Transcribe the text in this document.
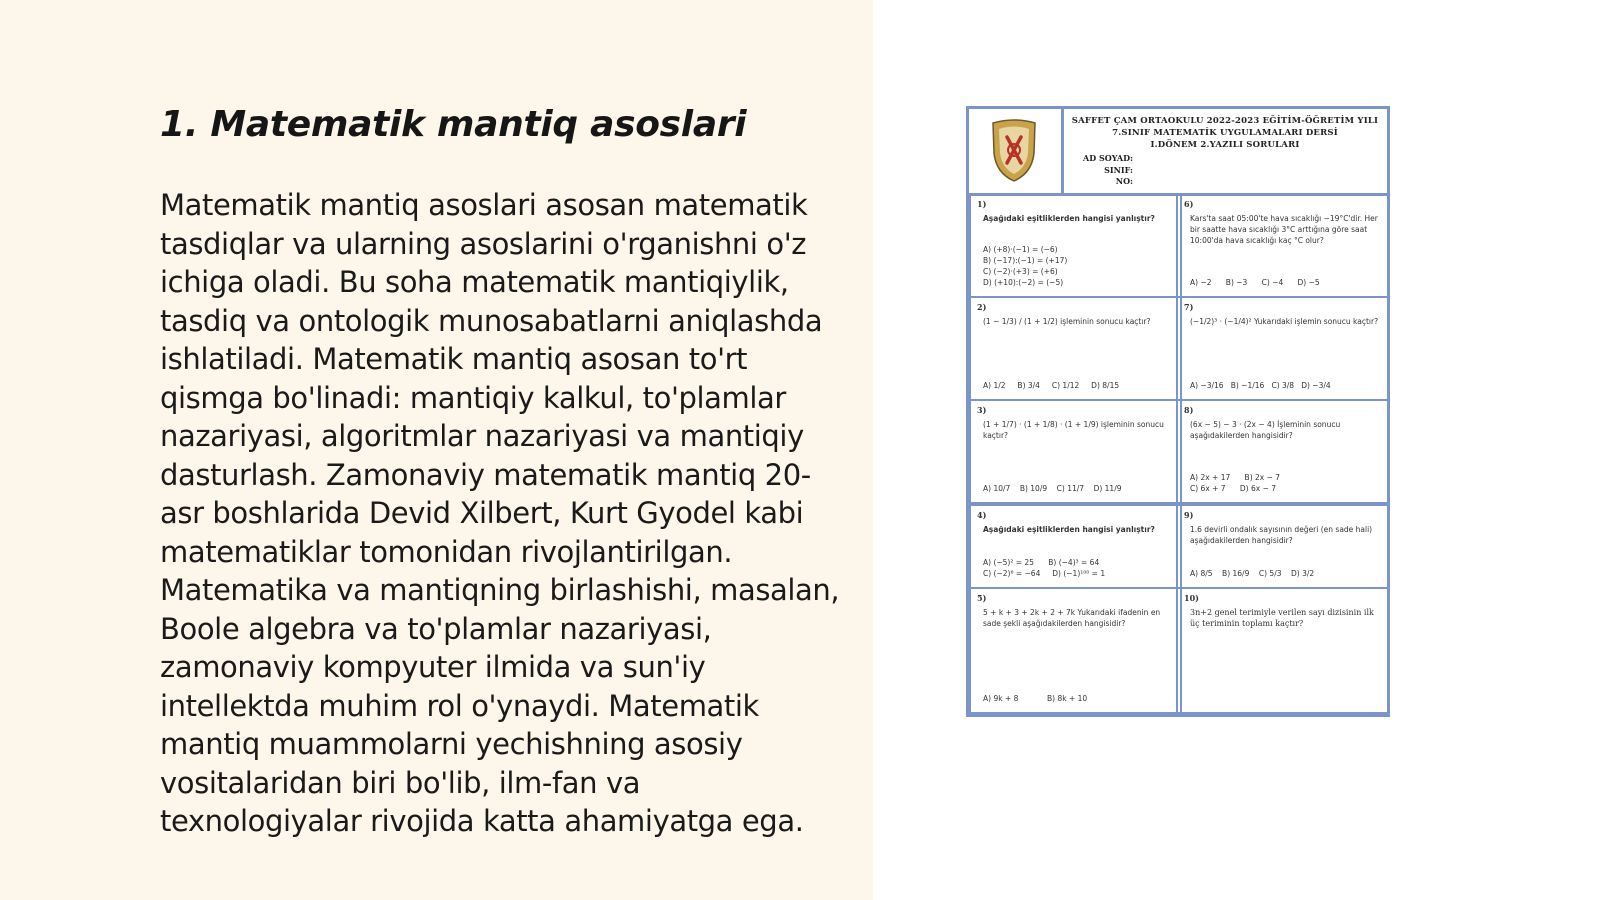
1. Matematik mantiq asoslari

Matematik mantiq asoslari asosan matematik tasdiqlar va ularning asoslarini o'rganishni o'z ichiga oladi. Bu soha matematik mantiqiylik, tasdiq va ontologik munosabatlarni aniqlashda ishlatiladi. Matematik mantiq asosan to'rt qismga bo'linadi: mantiqiy kalkul, to'plamlar nazariyasi, algoritmlar nazariyasi va mantiqiy dasturlash. Zamonaviy matematik mantiq 20-asr boshlarida Devid Xilbert, Kurt Gyodel kabi matematiklar tomonidan rivojlantirilgan. Matematika va mantiqning birlashishi, masalan, Boole algebra va to'plamlar nazariyasi, zamonaviy kompyuter ilmida va sun'iy intellektda muhim rol o'ynaydi. Matematik mantiq muammolarni yechishning asosiy vositalaridan biri bo'lib, ilm-fan va texnologiyalar rivojida katta ahamiyatga ega.

SAFFET ÇAM ORTAOKULU 2022-2023 EĞİTİM-ÖĞRETİM YILI
7.SINIF MATEMATİK UYGULAMALARI DERSİ
I.DÖNEM 2.YAZILI SORULARI
AD SOYAD:
SINIF:
NO:
1)
Aşağıdaki eşitliklerden hangisi yanlıştır?
A) (+8)·(−1) = (−6)
B) (−17):(−1) = (+17)
C) (−2)·(+3) = (+6)
D) (+10):(−2) = (−5)
6)
Kars'ta saat 05:00'te hava sıcaklığı −19°C'dir. Her bir saatte hava sıcaklığı 3°C arttığına göre saat 10:00'da hava sıcaklığı kaç °C olur?
A) −2      B) −3      C) −4      D) −5
2)
(1 − 1/3) / (1 + 1/2) işleminin sonucu kaçtır?
A) 1/2     B) 3/4     C) 1/12     D) 8/15
7)
(−1/2)³ · (−1/4)² Yukarıdaki işlemin sonucu kaçtır?
A) −3/16   B) −1/16   C) 3/8   D) −3/4
3)
(1 + 1/7) · (1 + 1/8) · (1 + 1/9) işleminin sonucu kaçtır?
A) 10/7    B) 10/9    C) 11/7    D) 11/9
8)
(6x − 5) − 3 · (2x − 4) İşleminin sonucu aşağıdakilerden hangisidir?
A) 2x + 17      B) 2x − 7
C) 6x + 7      D) 6x − 7
4)
Aşağıdaki eşitliklerden hangisi yanlıştır?
A) (−5)² = 25      B) (−4)³ = 64
C) (−2)⁶ = −64     D) (−1)¹⁰⁰ = 1
9)
1.6 devirli ondalık sayısının değeri (en sade hali) aşağıdakilerden hangisidir?
A) 8/5    B) 16/9    C) 5/3    D) 3/2
5)
5 + k + 3 + 2k + 2 + 7k Yukarıdaki ifadenin en sade şekli aşağıdakilerden hangisidir?
A) 9k + 8            B) 8k + 10
10)
3n+2 genel terimiyle verilen sayı dizisinin ilk üç teriminin toplamı kaçtır?
